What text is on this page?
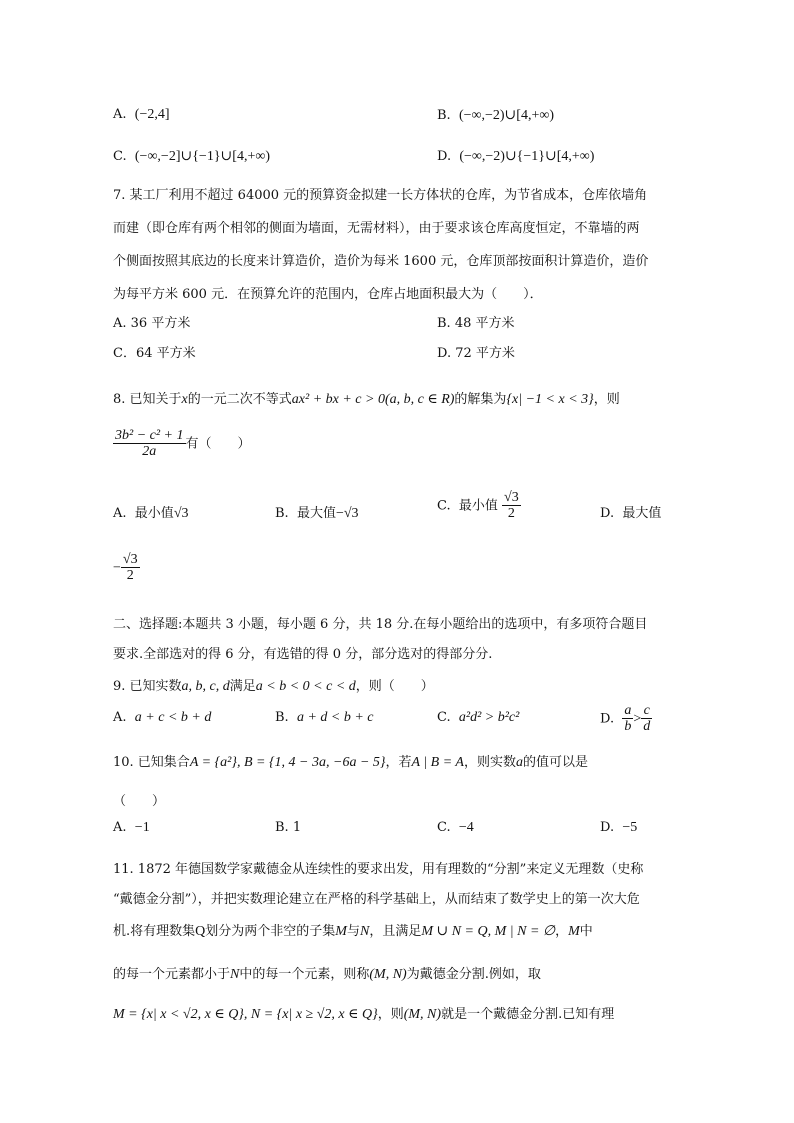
A. (−2,4]	B. (−∞,−2)∪[4,+∞)
C. (−∞,−2]∪{−1}∪[4,+∞)	D. (−∞,−2)∪{−1}∪[4,+∞)
7. 某工厂利用不超过 64000 元的预算资金拟建一长方体状的仓库，为节省成本，仓库依墙角
而建（即仓库有两个相邻的侧面为墙面，无需材料），由于要求该仓库高度恒定，不靠墙的两
个侧面按照其底边的长度来计算造价，造价为每米 1600 元，仓库顶部按面积计算造价，造价
为每平方米 600 元．在预算允许的范围内，仓库占地面积最大为（　　）．
A. 36 平方米	B. 48 平方米
C．64 平方米	D. 72 平方米
8. 已知关于x的一元二次不等式ax² + bx + c > 0(a, b, c ∈ R)的解集为{x| −1 < x < 3}，则
$\frac{\text{3b² − c² + 1}}{2a}$ 有（　　）
A. 最小值√3	B. 最大值−√3
C. 最小值 $\frac{√3}{2}$	D. 最大值
− $\frac{√3}{2}$
二、选择题:本题共 3 小题，每小题 6 分，共 18 分.在每小题给出的选项中，有多项符合题目
要求.全部选对的得 6 分，有选错的得 0 分，部分选对的得部分分.
9. 已知实数a, b, c, d满足a < b < 0 < c < d，则（　　）
A. a + c < b + d	B. a + d < b + c	C. a²d² > b²c²	D. $\frac{a}{b} > \frac{c}{d}$
10. 已知集合A = {a²}, B = {1, 4 − 3a, −6a − 5}，若A | B = A，则实数a的值可以是
（　　）
A. −1	B. 1	C. −4	D. −5
11. 1872 年德国数学家戴德金从连续性的要求出发，用有理数的“分割”来定义无理数（史称
“戴德金分割”），并把实数理论建立在严格的科学基础上，从而结束了数学史上的第一次大危
机.将有理数集Q划分为两个非空的子集M与N，且满足M ∪ N = Q, M | N = ∅，M中
的每一个元素都小于N中的每一个元素，则称(M, N)为戴德金分割.例如，取
M = {x| x < √2, x ∈ Q}, N = {x| x ≥ √2, x ∈ Q}，则(M, N)就是一个戴德金分割.已知有理
